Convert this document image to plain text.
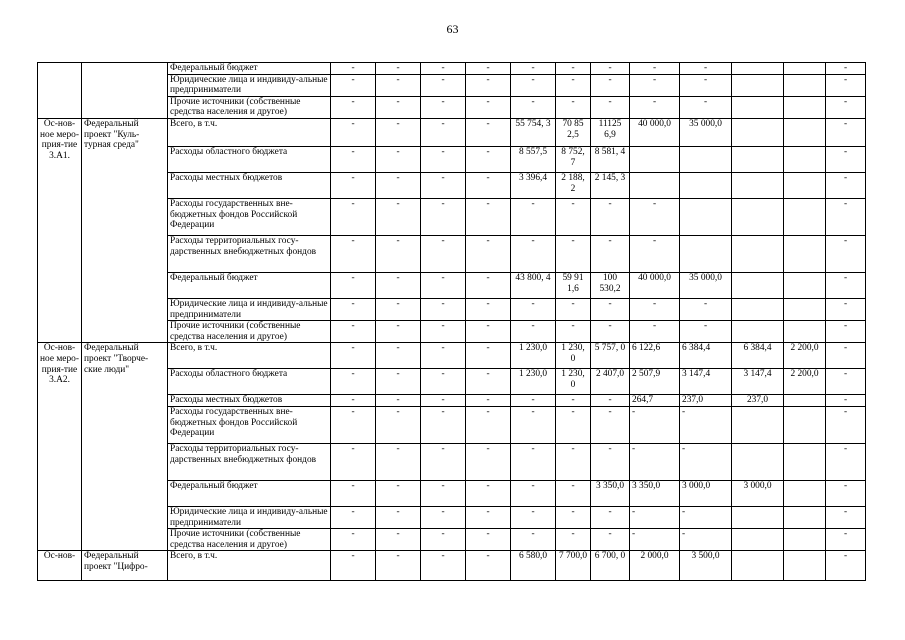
63
		Федеральный бюджет	-	-	-	-	-	-	-	-	-			-
		Юридические лица и индивиду-альные предприниматели	-	-	-	-	-	-	-	-	-			-
		Прочие источники (собственные средства населения и другое)	-	-	-	-	-	-	-	-	-			-
Ос-нов-ное меро-прия-тие 3.А1.	Федеральный проект "Куль-турная среда"	Всего, в т.ч.	-	-	-	-	55 754, 3	70 85 2,5	11125 6,9	40 000,0	35 000,0			-
		Расходы областного бюджета	-	-	-	-	8 557,5	8 752, 7	8 581, 4					-
		Расходы местных бюджетов	-	-	-	-	3 396,4	2 188, 2	2 145, 3					-
		Расходы государственных вне-бюджетных фондов Российской Федерации	-	-	-	-	-	-	-	-				-
		Расходы территориальных госу-дарственных внебюджетных фондов	-	-	-	-	-	-	-	-				-
		Федеральный бюджет	-	-	-	-	43 800, 4	59 91 1,6	100 530,2	40 000,0	35 000,0			-
		Юридические лица и индивиду-альные предприниматели	-	-	-	-	-	-	-	-	-			-
		Прочие источники (собственные средства населения и другое)	-	-	-	-	-	-	-	-	-			-
Ос-нов-ное меро-прия-тие 3.А2.	Федеральный проект "Творче-ские люди"	Всего, в т.ч.	-	-	-	-	1 230,0	1 230, 0	5 757, 0	6 122,6	6 384,4	6 384,4	2 200,0	-
		Расходы областного бюджета	-	-	-	-	1 230,0	1 230, 0	2 407,0	2 507,9	3 147,4	3 147,4	2 200,0	-
		Расходы местных бюджетов	-	-	-	-	-	-	-	264,7	237,0	237,0		-
		Расходы государственных вне-бюджетных фондов Российской Федерации	-	-	-	-	-	-	-	-	-			-
		Расходы территориальных госу-дарственных внебюджетных фондов	-	-	-	-	-	-	-	-	-			-
		Федеральный бюджет	-	-	-	-	-	-	3 350,0	3 350,0	3 000,0	3 000,0		-
		Юридические лица и индивиду-альные предприниматели	-	-	-	-	-	-	-	-	-			-
		Прочие источники (собственные средства населения и другое)	-	-	-	-	-	-	-	-	-			-
Ос-нов-	Федеральный проект "Цифро-	Всего, в т.ч.	-	-	-	-	6 580,0	7 700,0	6 700, 0	2 000,0	3 500,0			-
